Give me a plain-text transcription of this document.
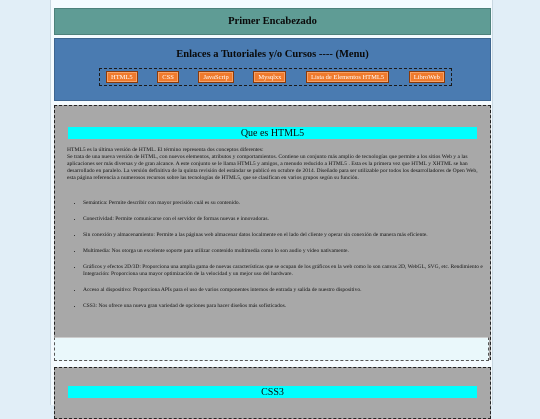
Primer Encabezado
Enlaces a Tutoriales y/o Cursos ---- (Menu)
HTML5	CSS	JavaScrip	Mysqlxx	Lista de Elementos HTML5	LibroWeb
Que es HTML5
HTML5 es la última versión de HTML. El término representa dos conceptos diferentes:
Se trata de una nueva versión de HTML, con nuevos elementos, atributos y comportamientos. Contiene un conjunto más amplio de tecnologías que permite a los sitios Web y a las aplicaciones ser más diversas y de gran alcance. A este conjunto se le llama HTML5 y amigos, a menudo reducido a HTML5 . Esta es la primera vez que HTML y XHTML se han desarrollado en paralelo. La versión definitiva de la quinta revisión del estándar se publicó en octubre de 2014. Diseñado para ser utilizable por todos los desarrolladores de Open Web, esta página referencia a numerosos recursos sobre las tecnologías de HTML5, que se clasifican en varios grupos según su función.
• Semántica: Permite describir con mayor precisión cuál es su contenido.
• Conectividad: Permite comunicarse con el servidor de formas nuevas e innovadoras.
• Sin conexión y almacenamiento: Permite a las páginas web almacenar datos localmente en el lado del cliente y operar sin conexión de manera más eficiente.
• Multimedia: Nos otorga un excelente soporte para utilizar contenido multimedia como lo son audio y video nativamente.
• Gráficos y efectos 2D/3D: Proporciona una amplia gama de nuevas características que se ocupan de los gráficos en la web como lo son canvas 2D, WebGL, SVG, etc. Rendimiento e Integración: Proporciona una mayor optimización de la velocidad y un mejor uso del hardware.
• Acceso al dispositivo: Proporciona APIs para el uso de varios componentes internos de entrada y salida de nuestro dispositivo.
• CSS3: Nos ofrece una nueva gran variedad de opciones para hacer diseños más sofisticados.
CSS3
